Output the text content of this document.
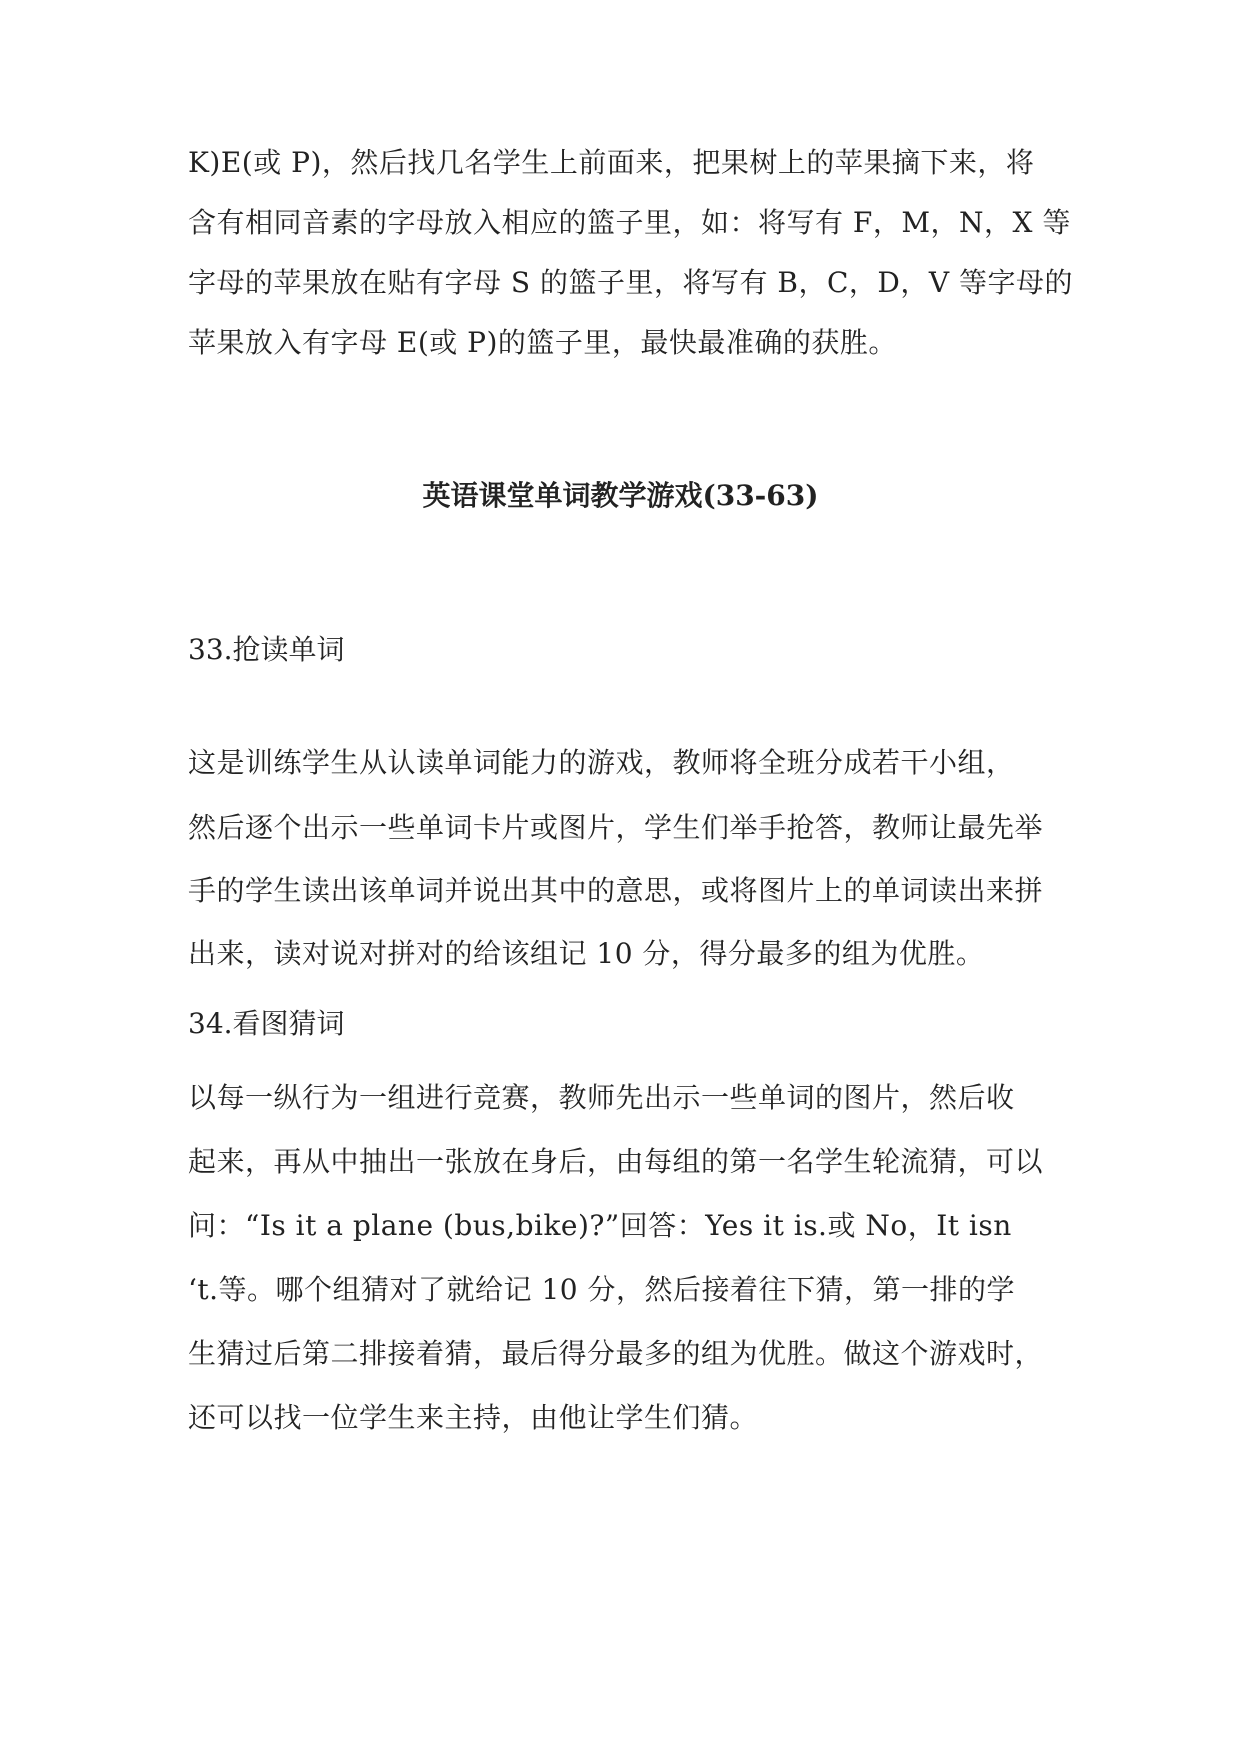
K)E(或 P)，然后找几名学生上前面来，把果树上的苹果摘下来，将
含有相同音素的字母放入相应的篮子里，如：将写有 F，M，N，X 等
字母的苹果放在贴有字母 S 的篮子里，将写有 B，C，D，V 等字母的
苹果放入有字母 E(或 P)的篮子里，最快最准确的获胜。
英语课堂单词教学游戏(33-63)
33.抢读单词
这是训练学生从认读单词能力的游戏，教师将全班分成若干小组，
然后逐个出示一些单词卡片或图片，学生们举手抢答，教师让最先举
手的学生读出该单词并说出其中的意思，或将图片上的单词读出来拼
出来，读对说对拼对的给该组记 10 分，得分最多的组为优胜。
34.看图猜词
以每一纵行为一组进行竞赛，教师先出示一些单词的图片，然后收
起来，再从中抽出一张放在身后，由每组的第一名学生轮流猜，可以
问：“Is it a plane (bus,bike)?”回答：Yes it is.或 No，It isn
‘t.等。哪个组猜对了就给记 10 分，然后接着往下猜，第一排的学
生猜过后第二排接着猜，最后得分最多的组为优胜。做这个游戏时，
还可以找一位学生来主持，由他让学生们猜。
